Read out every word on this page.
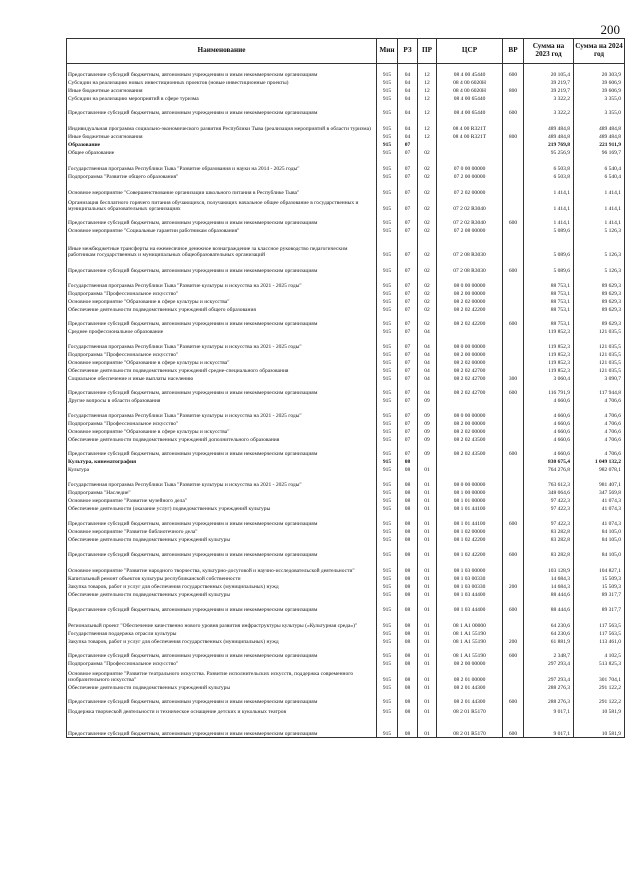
200
Наименование	Мин	РЗ	ПР	ЦСР	ВР	Сумма на 2023 год	Сумма на 2024 год
Предоставление субсидий бюджетным, автономным учреждениям и иным некоммерческим организациям	915	04	12	08 4 00 45440	600	20 105,4	20 303,9
Субсидии на реализацию новых инвестиционных проектов (новые инвестиционные проекты)	915	04	12	08 4 00 6020Н		39 219,7	39 606,9
Иные бюджетные ассигнования	915	04	12	08 4 00 6020Н	800	39 219,7	39 606,9
Субсидии на реализацию мероприятий в сфере туризма	915	04	12	08 4 00 65440		3 322,2	3 355,0
Предоставление субсидий бюджетным, автономным учреждениям и иным некоммерческим организациям	915	04	12	08 4 00 65440	600	3 322,2	3 355,0
Индивидуальная программа социально-экономического развития Республики Тыва (реализация мероприятий в области туризма)	915	04	12	08 4 00 R321Т		489 484,8	489 484,8
Иные бюджетные ассигнования	915	04	12	08 4 00 R321Т	800	489 484,8	489 484,8
Образование	915	07				219 769,8	221 911,9
Общее образование	915	07	02			95 256,9	96 169,7
Государственная программа Республики Тыва "Развитие образования и науки на 2014 - 2025 годы"	915	07	02	07 0 00 00000		6 503,8	6 540,4
Подпрограмма "Развитие общего образования"	915	07	02	07 2 00 00000		6 503,8	6 540,4
Основное мероприятие "Совершенствование организации школьного питания в Республике Тыва"	915	07	02	07 2 02 00000		1 414,1	1 414,1
Организация бесплатного горячего питания обучающихся, получающих начальное общее образование в государственных и муниципальных образовательных организациях	915	07	02	07 2 02 R3040		1 414,1	1 414,1
Предоставление субсидий бюджетным, автономным учреждениям и иным некоммерческим организациям	915	07	02	07 2 02 R3040	600	1 414,1	1 414,1
Основное мероприятие "Социальные гарантии работникам образования"	915	07	02	07 2 08 00000		5 089,6	5 126,3
Иные межбюджетные трансферты на ежемесячное денежное вознаграждение за классное руководство педагогическим работникам государственных и муниципальных общеобразовательных организаций	915	07	02	07 2 08 R3030		5 089,6	5 126,3
Предоставление субсидий бюджетным, автономным учреждениям и иным некоммерческим организациям	915	07	02	07 2 08 R3030	600	5 089,6	5 126,3
Государственная программа Республики Тыва "Развитие культуры и искусства на 2021 - 2025 годы"	915	07	02	08 0 00 00000		88 753,1	89 629,3
Подпрограмма "Профессиональное искусство"	915	07	02	08 2 00 00000		88 753,1	89 629,3
Основное мероприятие "Образование в сфере культуры и искусства"	915	07	02	08 2 02 00000		88 753,1	89 629,3
Обеспечение деятельности подведомственных учреждений общего образования	915	07	02	08 2 02 42200		88 753,1	89 629,3
Предоставление субсидий бюджетным, автономным учреждениям и иным некоммерческим организациям	915	07	02	08 2 02 42200	600	88 753,1	89 629,3
Среднее профессиональное образование	915	07	04			119 852,3	121 035,5
Государственная программа Республики Тыва "Развитие культуры и искусства на 2021 - 2025 годы"	915	07	04	08 0 00 00000		119 852,3	121 035,5
Подпрограмма "Профессиональное искусство"	915	07	04	08 2 00 00000		119 852,3	121 035,5
Основное мероприятие "Образование в сфере культуры и искусства"	915	07	04	08 2 02 00000		119 852,3	121 035,5
Обеспечение деятельности подведомственных учреждений средне-специального образования	915	07	04	08 2 02 42700		119 852,3	121 035,5
Социальное обеспечение и иные выплаты населению	915	07	04	08 2 02 42700	300	3 060,4	3 090,7
Предоставление субсидий бюджетным, автономным учреждениям и иным некоммерческим организациям	915	07	04	08 2 02 42700	600	116 791,9	117 944,8
Другие вопросы в области образования	915	07	09			4 660,6	4 706,6
Государственная программа Республики Тыва "Развитие культуры и искусства на 2021 - 2025 годы"	915	07	09	08 0 00 00000		4 660,6	4 706,6
Подпрограмма "Профессиональное искусство"	915	07	09	08 2 00 00000		4 660,6	4 706,6
Основное мероприятие "Образование в сфере культуры и искусства"	915	07	09	08 2 02 00000		4 660,6	4 706,6
Обеспечение деятельности подведомственных учреждений дополнительного образования	915	07	09	08 2 02 43500		4 660,6	4 706,6
Предоставление субсидий бюджетным, автономным учреждениям и иным некоммерческим организациям	915	07	09	08 2 02 43500	600	4 660,6	4 706,6
Культура, кинематография	915	08				830 675,4	1 049 132,2
Культура	915	08	01			764 276,8	982 078,1
Государственная программа Республики Тыва "Развитие культуры и искусства на 2021 - 2025 годы"	915	08	01	08 0 00 00000		763 612,3	981 407,1
Подпрограмма "Наследие"	915	08	01	08 1 00 00000		348 064,6	347 569,8
Основное мероприятие "Развитие музейного дела"	915	08	01	08 1 01 00000		97 422,3	41 074,3
Обеспечение деятельности (оказание услуг) подведомственных учреждений культуры	915	08	01	08 1 01 44100		97 422,3	41 074,3
Предоставление субсидий бюджетным, автономным учреждениям и иным некоммерческим организациям	915	08	01	08 1 01 44100	600	97 422,3	41 074,3
Основное мероприятие "Развитие библиотечного дела"	915	08	01	08 1 02 00000		83 282,8	84 105,0
Обеспечение деятельности подведомственных учреждений культуры	915	08	01	08 1 02 42200		83 282,8	84 105,0
Предоставление субсидий бюджетным, автономным учреждениям и иным некоммерческим организациям	915	08	01	08 1 02 42200	600	83 282,8	84 105,0
Основное мероприятие "Развитие народного творчества, культурно-досуговой и научно-исследовательской деятельности"	915	08	01	08 1 03 00000		103 128,9	104 827,1
Капитальный ремонт объектов культуры республиканской собственности	915	08	01	08 1 03 00330		14 684,3	15 509,3
Закупка товаров, работ и услуг для обеспечения государственных (муниципальных) нужд	915	08	01	08 1 03 00330	200	14 684,3	15 509,3
Обеспечение деятельности подведомственных учреждений культуры	915	08	01	08 1 03 44400		88 444,6	89 317,7
Предоставление субсидий бюджетным, автономным учреждениям и иным некоммерческим организациям	915	08	01	08 1 03 44400	600	88 444,6	89 317,7
Региональный проект "Обеспечение качественно нового уровня развития инфраструктуры культуры («Культурная среда»)"	915	08	01	08 1 А1 00000		64 230,6	117 563,5
Государственная поддержка отрасли культуры	915	08	01	08 1 А1 55190		64 230,6	117 563,5
Закупка товаров, работ и услуг для обеспечения государственных (муниципальных) нужд	915	08	01	08 1 А1 55190	200	61 881,9	113 461,0
Предоставление субсидий бюджетным, автономным учреждениям и иным некоммерческим организациям	915	08	01	08 1 А1 55190	600	2 348,7	4 102,5
Подпрограмма "Профессиональное искусство"	915	08	01	08 2 00 00000		297 293,4	513 825,3
Основное мероприятие "Развитие театрального искусства. Развитие исполнительских искусств, поддержка современного изобразительного искусства"	915	08	01	08 2 01 00000		297 293,4	301 704,1
Обеспечение деятельности подведомственных учреждений культуры	915	08	01	08 2 01 44300		288 276,3	291 122,2
Предоставление субсидий бюджетным, автономным учреждениям и иным некоммерческим организациям	915	08	01	08 2 01 44300	600	288 276,3	291 122,2
Поддержка творческой деятельности и техническое оснащение детских и кукольных театров	915	08	01	08 2 01 R5170		9 017,1	10 581,9
Предоставление субсидий бюджетным, автономным учреждениям и иным некоммерческим организациям	915	08	01	08 2 01 R5170	600	9 017,1	10 581,9
